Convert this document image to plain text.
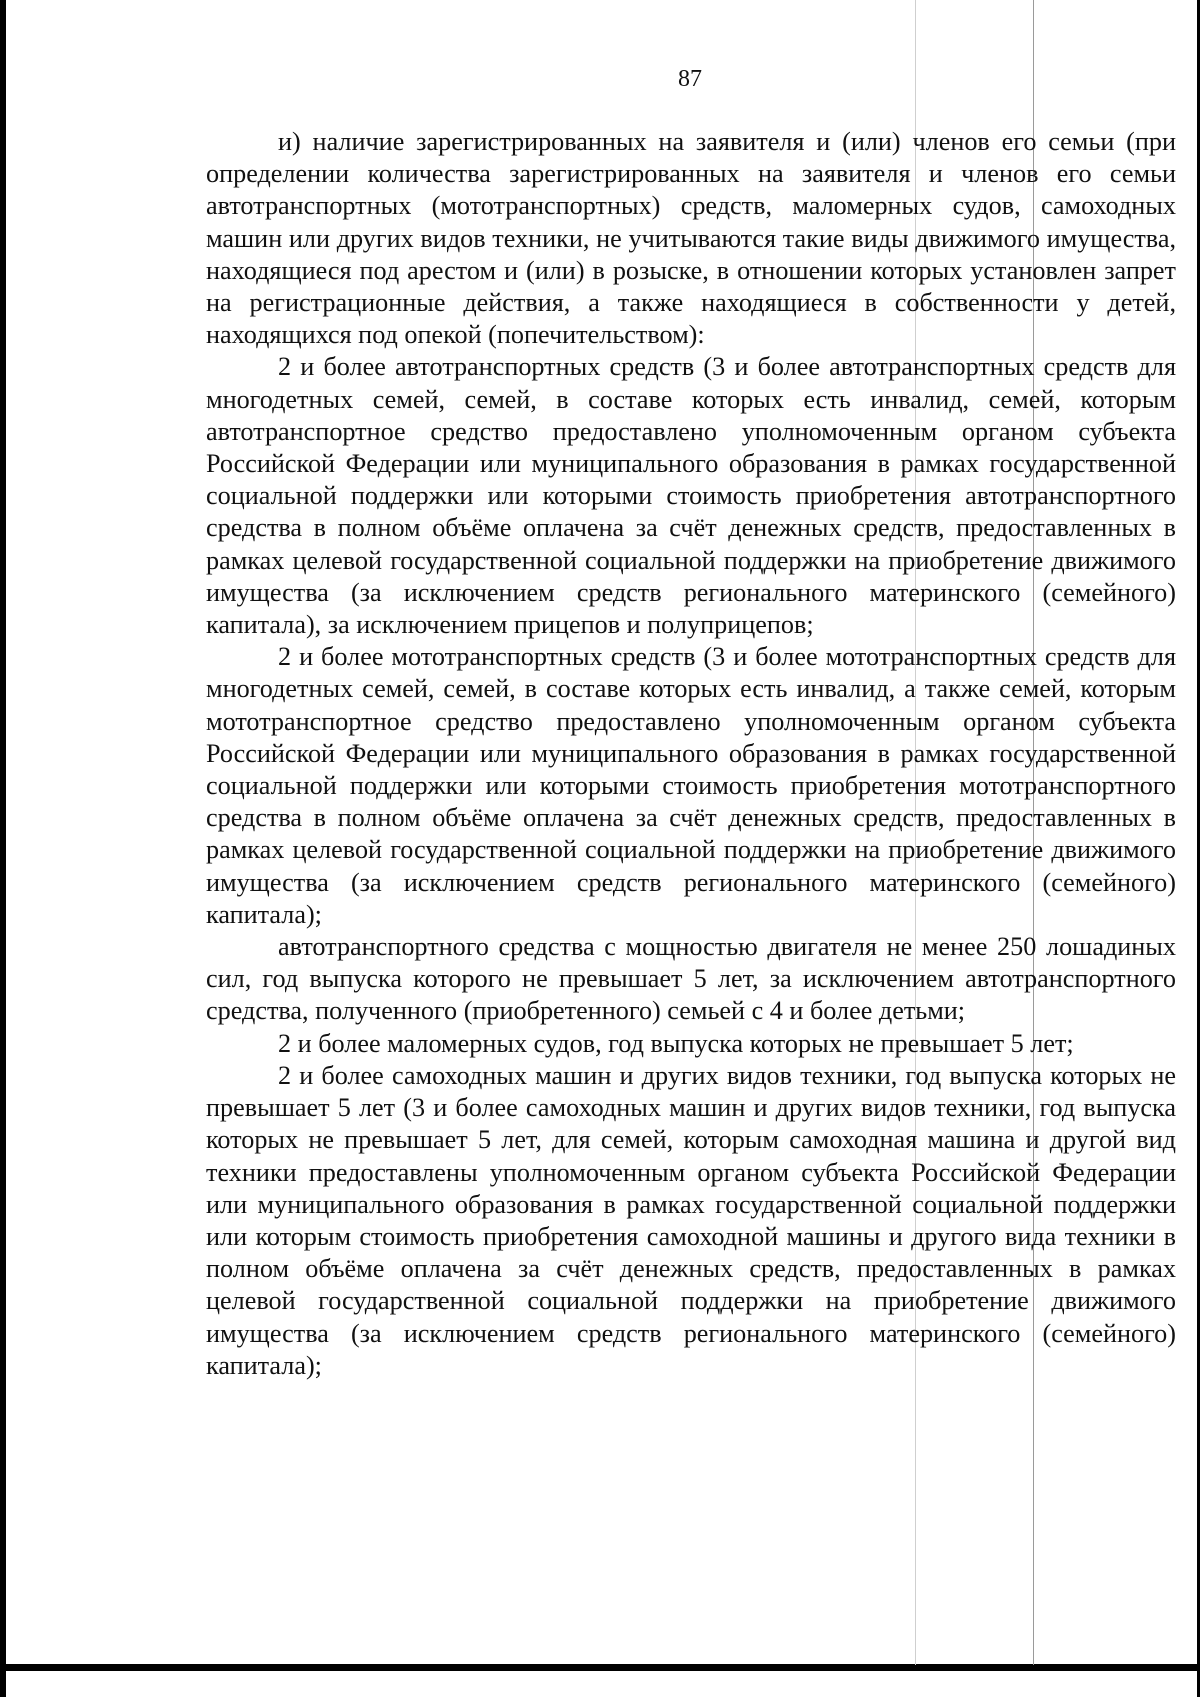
87

и) наличие зарегистрированных на заявителя и (или) членов его семьи (при определении количества зарегистрированных на заявителя и членов его семьи автотранспортных (мототранспортных) средств, маломерных судов, самоходных машин или других видов техники, не учитываются такие виды движимого имущества, находящиеся под арестом и (или) в розыске, в отношении которых установлен запрет на регистрационные действия, а также находящиеся в собственности у детей, находящихся под опекой (попечительством):

2 и более автотранспортных средств (3 и более автотранспортных средств для многодетных семей, семей, в составе которых есть инвалид, семей, которым автотранспортное средство предоставлено уполномоченным органом субъекта Российской Федерации или муниципального образования в рамках государственной социальной поддержки или которыми стоимость приобретения автотранспортного средства в полном объёме оплачена за счёт денежных средств, предоставленных в рамках целевой государственной социальной поддержки на приобретение движимого имущества (за исключением средств регионального материнского (семейного) капитала), за исключением прицепов и полуприцепов;

2 и более мототранспортных средств (3 и более мототранспортных средств для многодетных семей, семей, в составе которых есть инвалид, а также семей, которым мототранспортное средство предоставлено уполномоченным органом субъекта Российской Федерации или муниципального образования в рамках государственной социальной поддержки или которыми стоимость приобретения мототранспортного средства в полном объёме оплачена за счёт денежных средств, предоставленных в рамках целевой государственной социальной поддержки на приобретение движимого имущества (за исключением средств регионального материнского (семейного) капитала);

автотранспортного средства с мощностью двигателя не менее 250 лошадиных сил, год выпуска которого не превышает 5 лет, за исключением автотранспортного средства, полученного (приобретенного) семьей с 4 и более детьми;

2 и более маломерных судов, год выпуска которых не превышает 5 лет;

2 и более самоходных машин и других видов техники, год выпуска которых не превышает 5 лет (3 и более самоходных машин и других видов техники, год выпуска которых не превышает 5 лет, для семей, которым самоходная машина и другой вид техники предоставлены уполномоченным органом субъекта Российской Федерации или муниципального образования в рамках государственной социальной поддержки или которым стоимость приобретения самоходной машины и другого вида техники в полном объёме оплачена за счёт денежных средств, предоставленных в рамках целевой государственной социальной поддержки на приобретение движимого имущества (за исключением средств регионального материнского (семейного) капитала);
